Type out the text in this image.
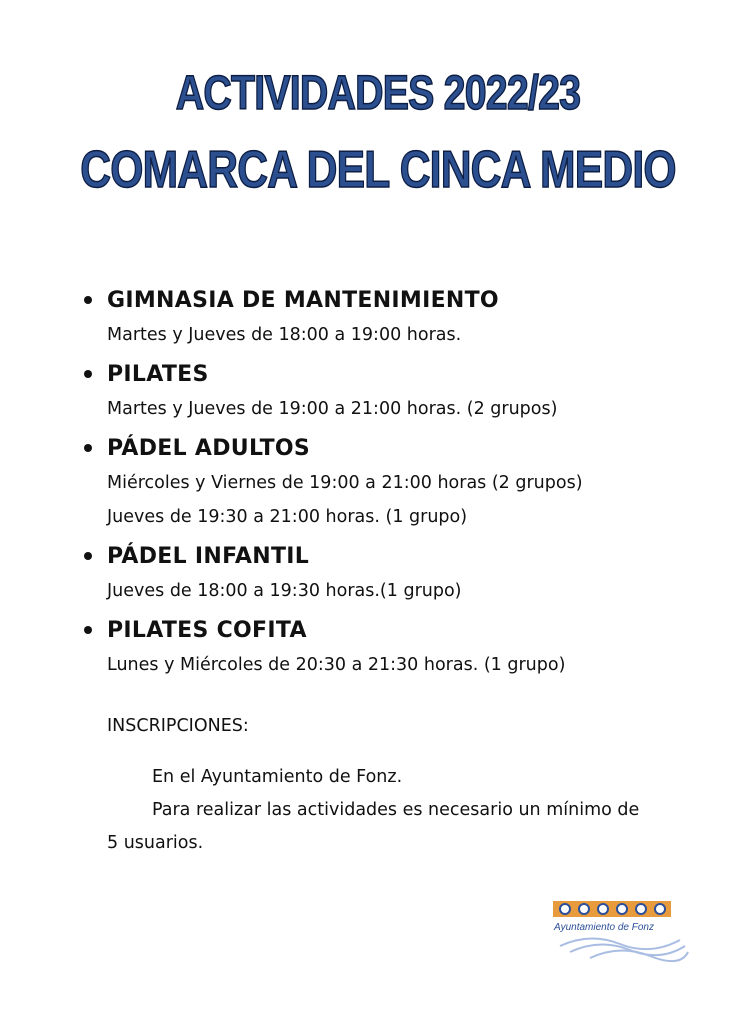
ACTIVIDADES 2022/23
COMARCA DEL CINCA MEDIO
GIMNASIA DE MANTENIMIENTO
Martes y Jueves de 18:00 a 19:00 horas.
PILATES
Martes y Jueves de 19:00 a 21:00 horas. (2 grupos)
PÁDEL ADULTOS
Miércoles y Viernes de 19:00 a 21:00 horas (2 grupos)
Jueves de 19:30 a 21:00 horas. (1 grupo)
PÁDEL INFANTIL
Jueves de 18:00 a 19:30 horas.(1 grupo)
PILATES COFITA
Lunes y Miércoles de 20:30 a 21:30 horas. (1 grupo)
INSCRIPCIONES:
En el Ayuntamiento de Fonz.
Para realizar las actividades es necesario un mínimo de
5 usuarios.
Ayuntamiento de Fonz
